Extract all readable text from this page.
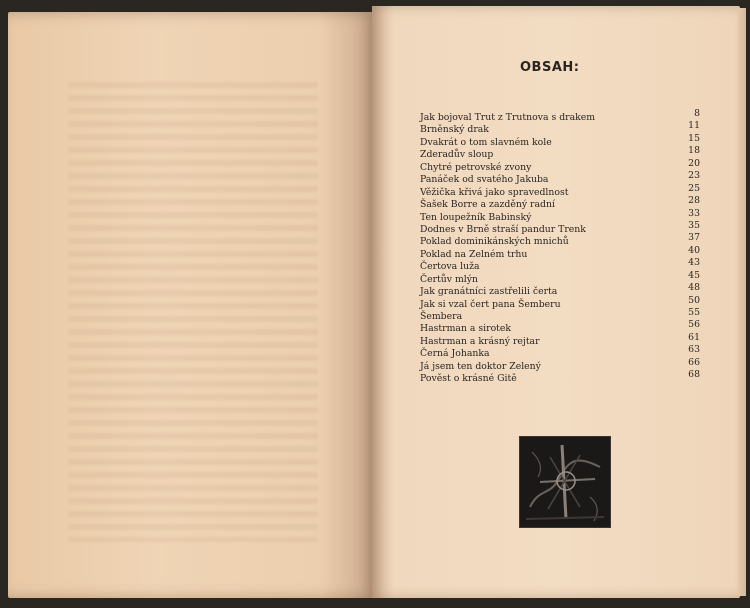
OBSAH:
Jak bojoval Trut z Trutnova s drakem	8
Brněnský drak	11
Dvakrát o tom slavném kole	15
Zderadův sloup	18
Chytré petrovské zvony	20
Panáček od svatého Jakuba	23
Věžička křivá jako spravedlnost	25
Šašek Borre a zazděný radní	28
Ten loupežník Babinský	33
Dodnes v Brně straší pandur Trenk	35
Poklad dominikánských mnichů	37
Poklad na Zelném trhu	40
Čertova luža	43
Čertův mlýn	45
Jak granátníci zastřelili čerta	48
Jak si vzal čert pana Šemberu	50
Šembera	55
Hastrman a sirotek	56
Hastrman a krásný rejtar	61
Černá Johanka	63
Já jsem ten doktor Zelený	66
Pověst o krásné Gitě	68
